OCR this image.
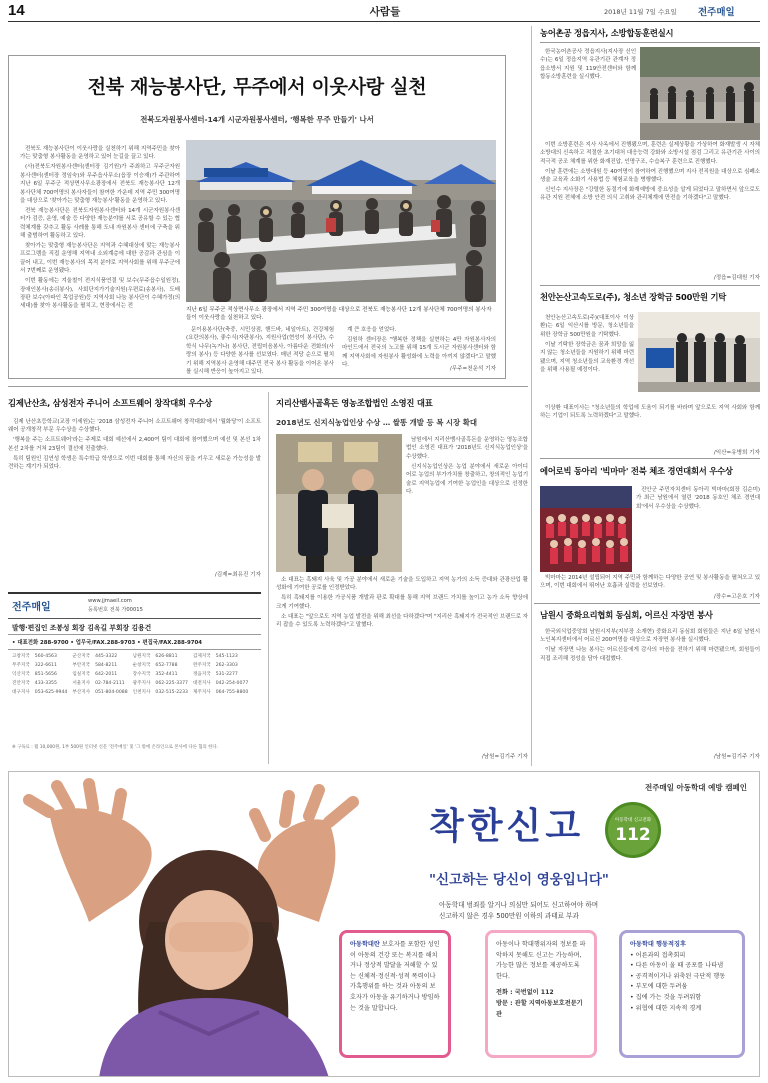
14	사람들	2018년 11월 7일 수요일 전주매일
전북 재능봉사단, 무주에서 이웃사랑 실천
전북도자원봉사센터-14개 시군자원봉사센터, '행복한 무주 만들기' 나서

전북도 재능봉사단이 이웃사랑을 실천하기 위해 지역주민을 찾아가는 맞춤형 봉사활동을 운영하고 있어 눈길을 끌고 있다.

(사)전북도자원봉사센터(센터장 김기원)가 주최하고 무주군자원봉사센터(센터장 정임숙)와 무주읍사무소(읍장 이승재)가 주관하여 지난 6일 무주군 적상면사무소광장에서 전북도 재능봉사단 12개 봉사단체 700여명의 봉사자들이 참여한 가운데 지역 주민 300여명을 대상으로 '찾아가는 맞춤형 재능봉사'활동을 운영하고 있다.

전북 재능봉사단은 전북도자원봉사센터와 14개 시군자원봉사센터가 검증, 운영, 예술 등 다양한 재능분야를 서로 공유할 수 있는 협력체계를 갖추고 활동 사례를 통해 도내 자원봉사 센터에 구축을 위해 출범하여 활동하고 있다.

찾아가는 맞춤형 재능봉사단은 지역과 수혜대상에 맞는 재능봉사 프로그램을 직접 운영해 지역내 소외계층에 대한 공감과 관심을 이끌어 내고, 이번 재능봉사의 목적 분야로 지역사회를 위해 무주군에서 7번째로 운영됐다.

이번 활동에는 겨울철이 전지식품연결 및 보수(무주읍수일원정), 장애인봉사(송쉬봉사), 사회단지가기술지원(우편료(송봉사), 도배장판 보수(아파인 목업공원)등 지역사회 나눔 봉사단이 수혜가정(의 세대)를 찾아 봉사활동을 펼치고, 현장에서는 전

지난 6일 무주군 적상면사무소 광장에서 지역 주민 300여명을 대상으로 전북도 재능봉사단 12개 봉사단체 700여명의 봉사자들이 이웃사랑을 실천하고 있다.

문이용봉사단(축중, 시민상점, 핸드바, 네일아트), 건강체험(요란의봉사), 좋수식(자판봉사), 지원사업(현성이 봉사단), 수학식 나무(녹거나) 봉사단, 전립미음봉사, 아름다운 전화의(사랑의 봉사) 등 다양한 봉사를 선보였다. 매년 적당 순으로 펼치기 위해 지역봉사 운영해 대주민 전국 봉사 활동을 이어온 봉사를 실시해 반응이 높아지고 있다.

계 큰 호응을 얻었다.

김원하 센터장은 "행복한 정책을 실현하는 4만 자원봉사자의 마인드에서 전국의 노고를 위해 15개 도시군 자원봉사센터와 함께 지역사회에 자원봉사 활성화에 노력을 아끼지 않겠다"고 말했다.

/무주=천운석 기자
농어촌공 정읍지사, 소방합동훈련실시

한국농어촌공사 정읍지사(지사장 신인수)는 6일 정읍지역 유관기관 관계자 정읍소방서 지원 및 119안전센터와 함께 합동소방훈련을 실시했다.

이번 소방훈련은 지사 사옥에서 진행됐으며, 훈련은 실제상황을 가상하여 화재발생 시 자체소방대의 신속하고 적절한 초기대처 대응능력 강화와 소방시설 점검 그리고 유관기관 사이의 적극적 공조 체계를 위한 화재진압, 인명구조, 수습복구 훈련으로 진행했다.

이날 훈련에는 소방대원 등 40여명이 참여하여 진행했으며 지사 전직원을 대상으로 심폐소생술 교육과 소화기 사용법 등 체험교육을 병행했다.

신인수 지사장은 "강렬한 동절기에 화재예방에 중요성을 알게 되었다고 말하면서 앞으로도 유관 지원 전체에 소방 안전 의식 고취와 관리체계에 만전을 기하겠다"고 말했다.

/정읍=김대원 기자
천안논산고속도로(주), 청소년 장학금 500만원 기탁

천안논산고속도로(주)(대표이사 이상환)는 6일 익산시를 방문, 청소년들을 위한 장학금 500만원을 기탁했다.

이날 기탁한 장학금은 꿈과 희망을 잃지 않는 청소년들을 지원하기 위해 마련됐으며, 지역 청소년들의 교육환경 개선을 위해 사용될 예정이다.

이상환 대표이사는 "청소년들의 학업에 도움이 되기를 바라며 앞으로도 지역 사회와 함께하는 기업이 되도록 노력하겠다"고 말했다.

/익산=유병희 기자
에어로빅 동아리 '빅마마' 전북 체조 경연대회서 우수상

진안군 주민자치센터 동아리 빅마마(회장 김순미)가 최근 남원에서 열린 '2018 동호인 체조 경연대회'에서 우수상을 수상했다.

빅마마는 2014년 설립되어 지역 주민과 함께하는 다양한 공연 및 봉사활동을 펼쳐오고 있으며, 이번 대회에서 뛰어난 호흡과 실력을 선보였다.

/장수=고은호 기자
남원시 중화요리협회 동심회, 어르신 자장면 봉사
김제난산초, 삼성전자 주니어 소프트웨어 창작대회 우수상

김제 난산초등학교(교장 이세원)는 '2018 삼성전자 주니어 소프트웨어 창작대회'에서 '월화당'이 소프트웨어 공개창작 부문 우수상을 수상했다.

'행복을 주는 소프트웨어'라는 주제로 대회 예선에서 2,400여 팀이 대회에 참여했으며 예선 및 본선 1차 본선 2차를 거쳐 23팀이 결선에 진출했다.

특히 팀원인 김연성 학생은 특수학급 학생으로 이번 대회를 통해 자신의 꿈을 키우고 새로운 가능성을 발견하는 계기가 되었다.

/김제=최유진 기자
전주매일
www.jjmaeil.com
등록번호 전북 가00015
발행·편집인 조봉성 회장 김옥길 부회장 김용건
• 대표전화 288-9700 • 업무국/FAX.288-9703 • 편집국/FAX.288-9704
고창지국	560-4563	군산지국	445-3322	남원지국	626-8811	김제지국	545-1123
무주지국	322-6611	부안지국	584-8211	순창지국	652-7788	완주지국	262-3303
익산지국	851-5656	임실지국	642-2011	장수지국	352-4411	정읍지국	531-2277
진안지국	433-3355	서울지사	02-784-2111	광주지사	062-225-3377	대전지사	042-254-0077
대구지사	053-625-9944	부산지사	051-804-0088	인천지사	032-515-2233	제주지사	064-755-8800
※ 구독료 : 월 10,000원, 1부 500원 인터넷 신문 '전주매일' 및 '그 밖에 온라인으로 본사에 다른 협의 한다.
지리산뱀사골흑돈 영농조합법인 소영진 대표
2018년도 신지식농업인상 수상 … 쌀똥 개발 등 복 시장 확대

남원에서 지리산뱀사골흑돈을 운영하는 영농조합법인 소영진 대표가 '2018년도 신지식농업인상'을 수상했다.

신지식농업인상은 농업 분야에서 새로운 아이디어로 농업의 부가가치를 창출하고, 창의적인 농업기술로 지역농업에 기여한 농업인을 대상으로 선정한다.

소 대표는 흑돼지 사육 및 가공 분야에서 새로운 기술을 도입하고 지역 농가의 소득 증대와 관광산업 활성화에 기여한 공로를 인정받았다.

특히 흑돼지를 이용한 가공식품 개발과 판로 확대를 통해 지역 브랜드 가치를 높이고 농가 소득 향상에 크게 기여했다.

소 대표는 "앞으로도 지역 농업 발전을 위해 최선을 다하겠다"며 "지리산 흑돼지가 전국적인 브랜드로 자리 잡을 수 있도록 노력하겠다"고 말했다.

/남원=김기주 기자

한국외식업중앙회 남원시지부(지부장 소재현) 중화요리 동심회 회원들은 지난 6일 남원시노인복지센터에서 어르신 200여명을 대상으로 자장면 봉사를 실시했다.

이날 자장면 나눔 봉사는 어르신들에게 감사의 마음을 전하기 위해 마련됐으며, 회원들이 직접 조리해 정성을 담아 대접했다.

/남원=김기주 기자
전주매일 아동학대 예방 캠페인
착한신고	아동학대 신고전화
112
"신고하는 당신이 영웅입니다"
아동학대 범죄를 알거나 의심만 되어도 신고하여야 하며
신고하지 않은 경우 500만원 이하의 과태료 부과
아동학대란 보호자를 포함한 성인이 아동의 건강 또는 복지를 해치거나 정상적 발달을 저해할 수 있는 신체적·정신적·성적 폭력이나 가혹행위를 하는 것과 아동의 보호자가 아동을 유기하거나 방임하는 것을 말합니다.
아동이나 학대행위자의 정보를 파악하지 못해도 신고는 가능하며, 가능한 많은 정보를 제공하도록 한다.
전화 : 국번없이 112
방문 : 관할 지역아동보호전문기관
아동학대 행동적징후
• 어른과의 접촉회피
• 다른 아동이 울 때 공포를 나타냄
• 공격적이거나 위축된 극단적 행동
• 부모에 대한 두려움
• 집에 가는 것을 두려워함
• 위협에 대한 지속적 경계
